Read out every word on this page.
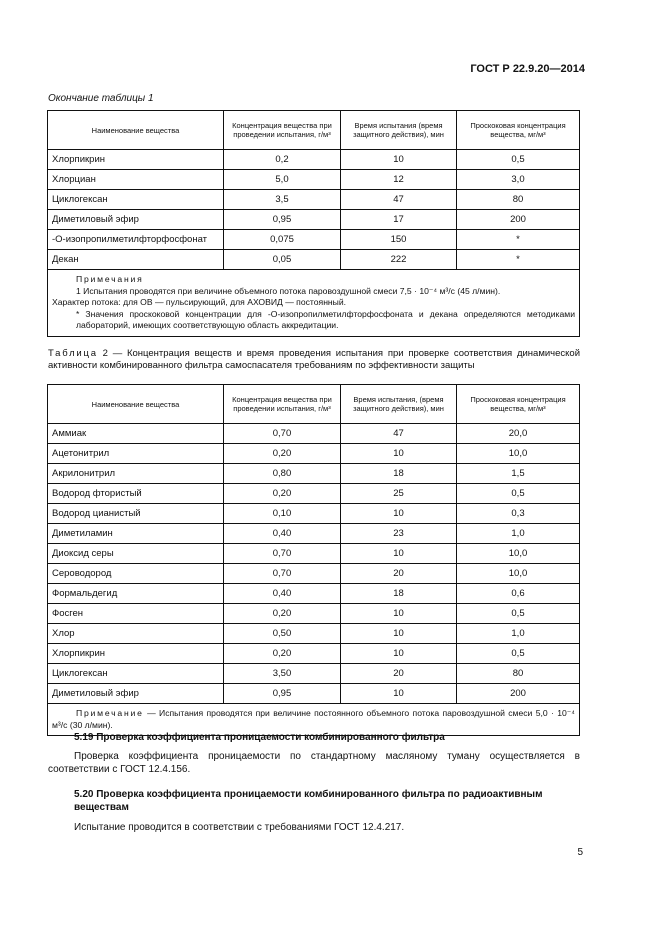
ГОСТ Р 22.9.20—2014
Окончание таблицы 1
Наименование вещества	Концентрация вещества при проведении испытания, г/м³	Время испытания (время защитного действия), мин	Проскоковая концентрация вещества, мг/м³
Хлорпикрин	0,2	10	0,5
Хлорциан	5,0	12	3,0
Циклогексан	3,5	47	80
Диметиловый эфир	0,95	17	200
-О-изопропилметилфторфосфонат	0,075	150	*
Декан	0,05	222	*

Примечания
1 Испытания проводятся при величине объемного потока паровоздушной смеси 7,5 · 10⁻⁴ м³/с (45 л/мин).
Характер потока: для ОВ — пульсирующий, для АХОВИД — постоянный.
* Значения проскоковой концентрации для -О-изопропилметилфторфосфоната и декана определяются методиками лабораторий, имеющих соответствующую область аккредитации.			
Таблица 2 — Концентрация веществ и время проведения испытания при проверке соответствия динамической активности комбинированного фильтра самоспасателя требованиям по эффективности защиты
Наименование вещества	Концентрация вещества при проведении испытания, г/м³	Время испытания, (время защитного действия), мин	Проскоковая концентрация вещества, мг/м³
Аммиак	0,70	47	20,0
Ацетонитрил	0,20	10	10,0
Акрилонитрил	0,80	18	1,5
Водород фтористый	0,20	25	0,5
Водород цианистый	0,10	10	0,3
Диметиламин	0,40	23	1,0
Диоксид серы	0,70	10	10,0
Сероводород	0,70	20	10,0
Формальдегид	0,40	18	0,6
Фосген	0,20	10	0,5
Хлор	0,50	10	1,0
Хлорпикрин	0,20	10	0,5
Циклогексан	3,50	20	80
Диметиловый эфир	0,95	10	200
Примечание — Испытания проводятся при величине постоянного объемного потока паровоздушной смеси 5,0 · 10⁻⁴ м³/с (30 л/мин).			
5.19 Проверка коэффициента проницаемости комбинированного фильтра

Проверка коэффициента проницаемости по стандартному масляному туману осуществляется в соответствии с ГОСТ 12.4.156.

5.20 Проверка коэффициента проницаемости комбинированного фильтра по радиоактивным веществам

Испытание проводится в соответствии с требованиями ГОСТ 12.4.217.

5
